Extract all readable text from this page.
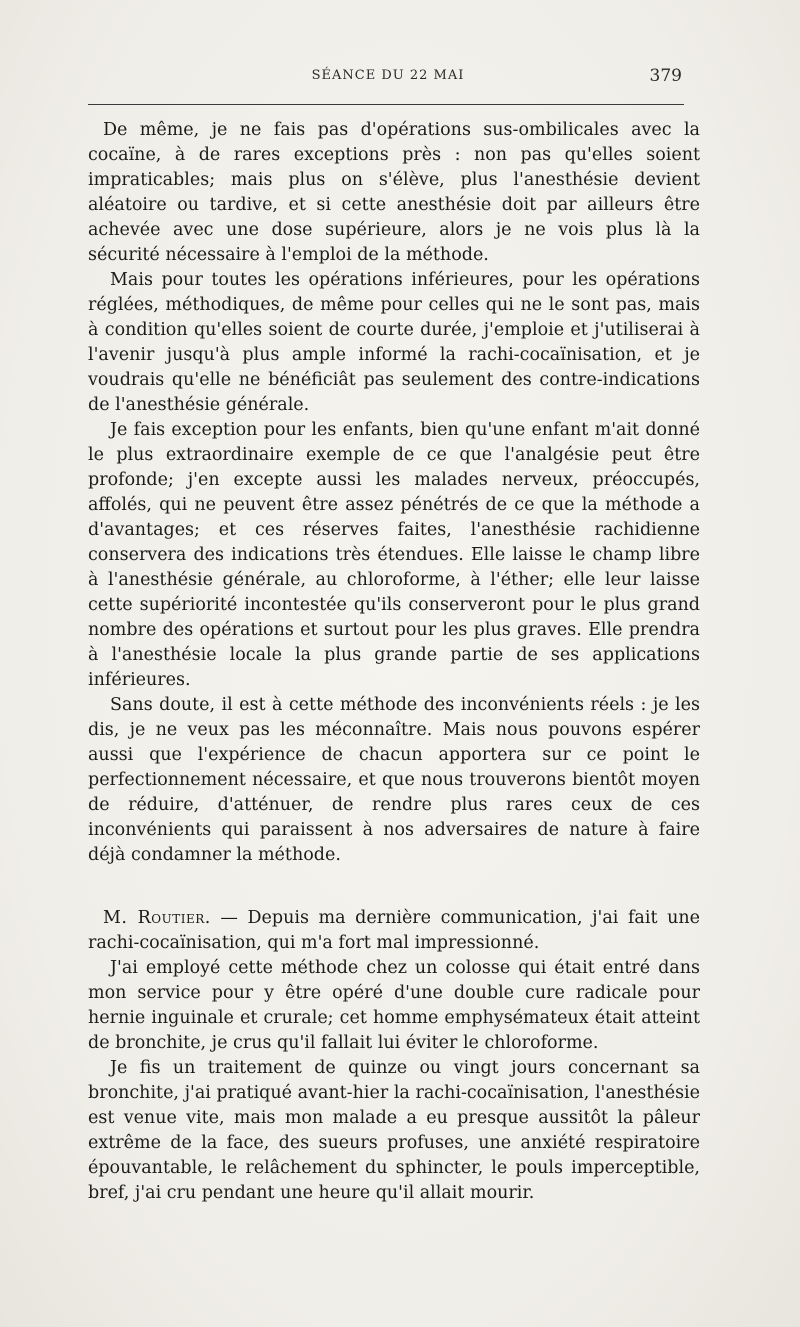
SÉANCE DU 22 MAI	379

De même, je ne fais pas d'opérations sus-ombilicales avec la cocaïne, à de rares exceptions près : non pas qu'elles soient impraticables; mais plus on s'élève, plus l'anesthésie devient aléatoire ou tardive, et si cette anesthésie doit par ailleurs être achevée avec une dose supérieure, alors je ne vois plus là la sécurité nécessaire à l'emploi de la méthode.

Mais pour toutes les opérations inférieures, pour les opérations réglées, méthodiques, de même pour celles qui ne le sont pas, mais à condition qu'elles soient de courte durée, j'emploie et j'utiliserai à l'avenir jusqu'à plus ample informé la rachi-cocaïnisation, et je voudrais qu'elle ne bénéficiât pas seulement des contre-indications de l'anesthésie générale.

Je fais exception pour les enfants, bien qu'une enfant m'ait donné le plus extraordinaire exemple de ce que l'analgésie peut être profonde; j'en excepte aussi les malades nerveux, préoccupés, affolés, qui ne peuvent être assez pénétrés de ce que la méthode a d'avantages; et ces réserves faites, l'anesthésie rachidienne conservera des indications très étendues. Elle laisse le champ libre à l'anesthésie générale, au chloroforme, à l'éther; elle leur laisse cette supériorité incontestée qu'ils conserveront pour le plus grand nombre des opérations et surtout pour les plus graves. Elle prendra à l'anesthésie locale la plus grande partie de ses applications inférieures.

Sans doute, il est à cette méthode des inconvénients réels : je les dis, je ne veux pas les méconnaître. Mais nous pouvons espérer aussi que l'expérience de chacun apportera sur ce point le perfectionnement nécessaire, et que nous trouverons bientôt moyen de réduire, d'atténuer, de rendre plus rares ceux de ces inconvénients qui paraissent à nos adversaires de nature à faire déjà condamner la méthode.

M. Routier. — Depuis ma dernière communication, j'ai fait une rachi-cocaïnisation, qui m'a fort mal impressionné.

J'ai employé cette méthode chez un colosse qui était entré dans mon service pour y être opéré d'une double cure radicale pour hernie inguinale et crurale; cet homme emphysémateux était atteint de bronchite, je crus qu'il fallait lui éviter le chloroforme.

Je fis un traitement de quinze ou vingt jours concernant sa bronchite, j'ai pratiqué avant-hier la rachi-cocaïnisation, l'anesthésie est venue vite, mais mon malade a eu presque aussitôt la pâleur extrême de la face, des sueurs profuses, une anxiété respiratoire épouvantable, le relâchement du sphincter, le pouls imperceptible, bref, j'ai cru pendant une heure qu'il allait mourir.
